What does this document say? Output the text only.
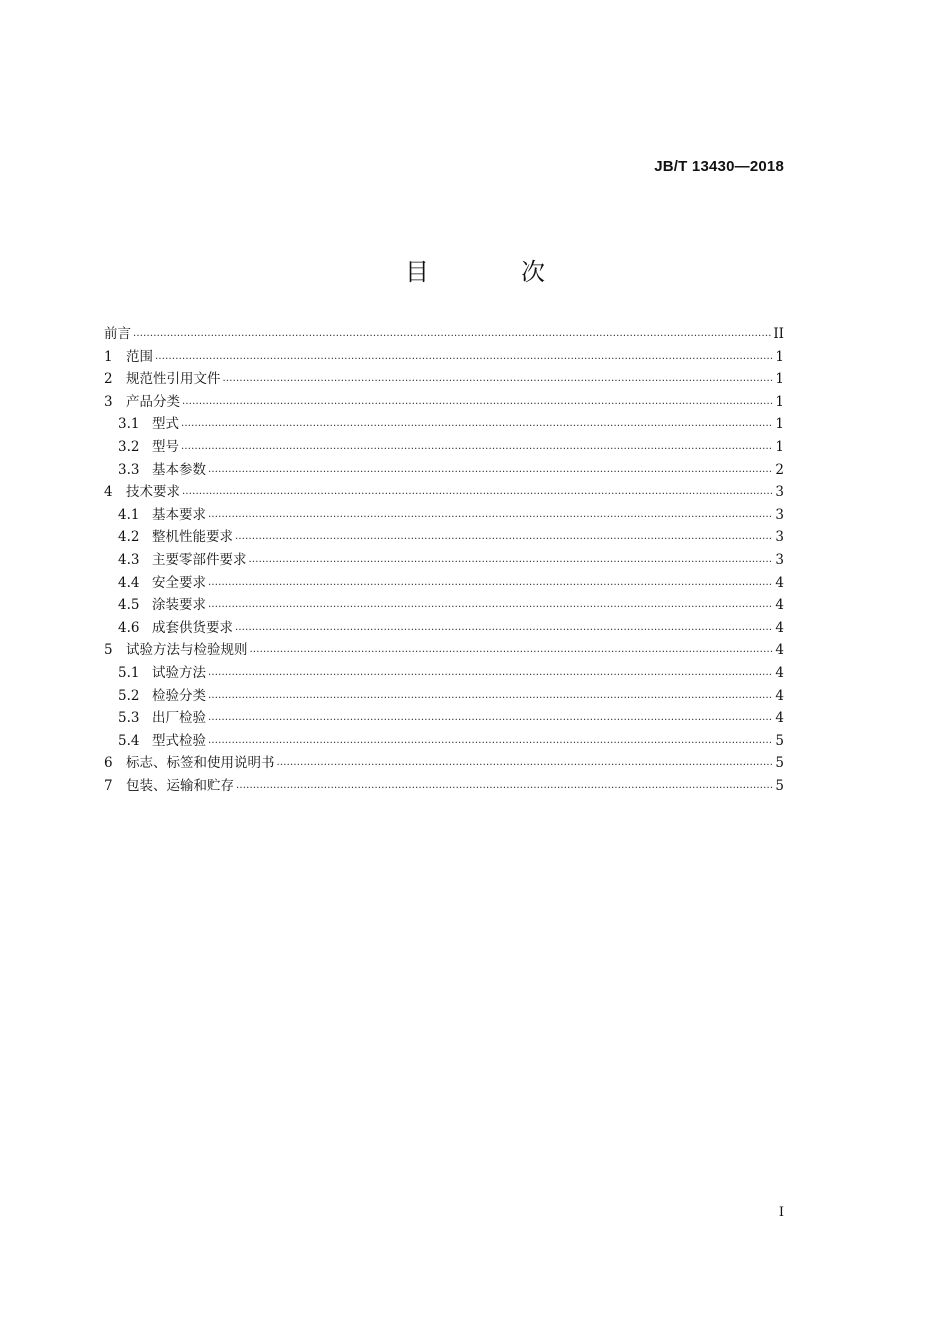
JB/T 13430—2018
目　次
前言 .....	II
1 范围 .....	1
2 规范性引用文件 .....	1
3 产品分类 .....	1
3.1 型式 .....	1
3.2 型号 .....	1
3.3 基本参数 .....	2
4 技术要求 .....	3
4.1 基本要求 .....	3
4.2 整机性能要求 .....	3
4.3 主要零部件要求 .....	3
4.4 安全要求 .....	4
4.5 涂装要求 .....	4
4.6 成套供货要求 .....	4
5 试验方法与检验规则 .....	4
5.1 试验方法 .....	4
5.2 检验分类 .....	4
5.3 出厂检验 .....	4
5.4 型式检验 .....	5
6 标志、标签和使用说明书 .....	5
7 包装、运输和贮存 .....	5
I
